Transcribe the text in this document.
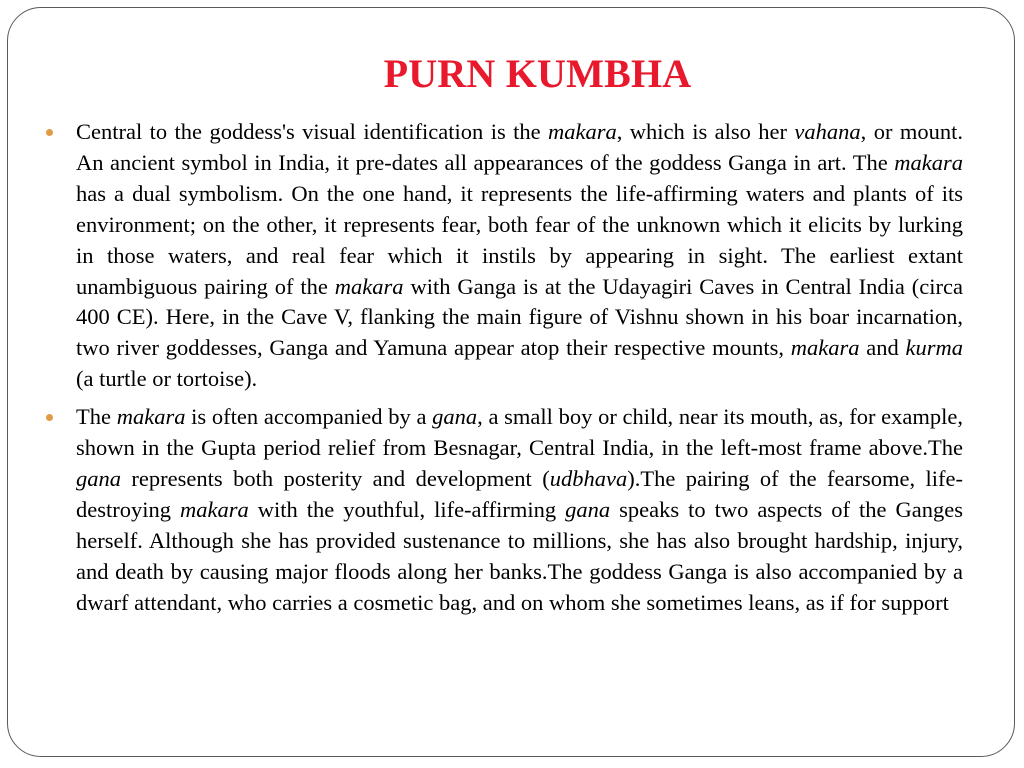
PURN KUMBHA
Central to the goddess's visual identification is the makara, which is also her vahana, or mount. An ancient symbol in India, it pre-dates all appearances of the goddess Ganga in art. The makara has a dual symbolism. On the one hand, it represents the life-affirming waters and plants of its environment; on the other, it represents fear, both fear of the unknown which it elicits by lurking in those waters, and real fear which it instils by appearing in sight. The earliest extant unambiguous pairing of the makara with Ganga is at the Udayagiri Caves in Central India (circa 400 CE). Here, in the Cave V, flanking the main figure of Vishnu shown in his boar incarnation, two river goddesses, Ganga and Yamuna appear atop their respective mounts, makara and kurma (a turtle or tortoise).
The makara is often accompanied by a gana, a small boy or child, near its mouth, as, for example, shown in the Gupta period relief from Besnagar, Central India, in the left-most frame above.The gana represents both posterity and development (udbhava).The pairing of the fearsome, life-destroying makara with the youthful, life-affirming gana speaks to two aspects of the Ganges herself. Although she has provided sustenance to millions, she has also brought hardship, injury, and death by causing major floods along her banks.The goddess Ganga is also accompanied by a dwarf attendant, who carries a cosmetic bag, and on whom she sometimes leans, as if for support
